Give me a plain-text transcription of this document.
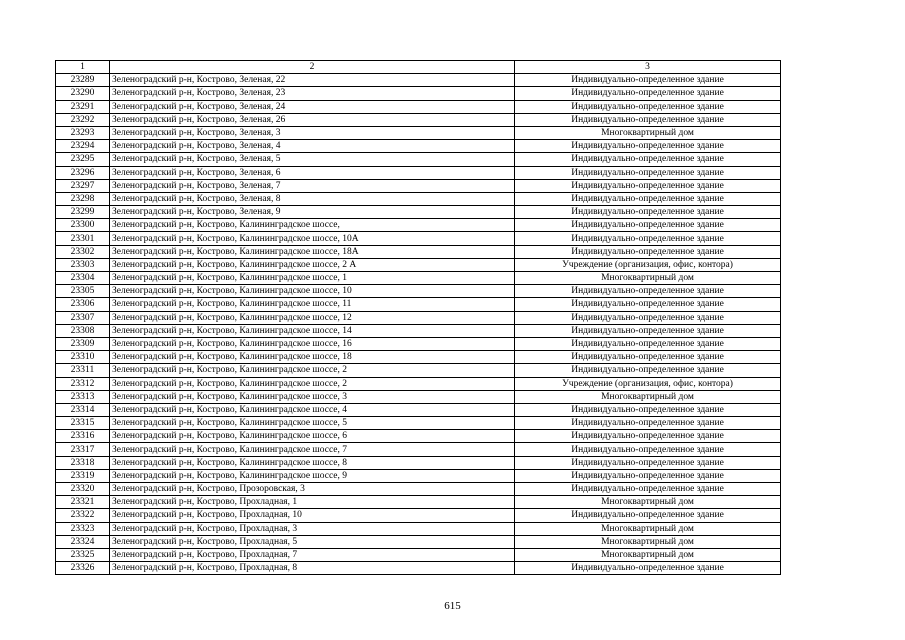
1	2	3
23289	Зеленоградский р-н, Кострово, Зеленая, 22	Индивидуально-определенное здание
23290	Зеленоградский р-н, Кострово, Зеленая, 23	Индивидуально-определенное здание
23291	Зеленоградский р-н, Кострово, Зеленая, 24	Индивидуально-определенное здание
23292	Зеленоградский р-н, Кострово, Зеленая, 26	Индивидуально-определенное здание
23293	Зеленоградский р-н, Кострово, Зеленая, 3	Многоквартирный дом
23294	Зеленоградский р-н, Кострово, Зеленая, 4	Индивидуально-определенное здание
23295	Зеленоградский р-н, Кострово, Зеленая, 5	Индивидуально-определенное здание
23296	Зеленоградский р-н, Кострово, Зеленая, 6	Индивидуально-определенное здание
23297	Зеленоградский р-н, Кострово, Зеленая, 7	Индивидуально-определенное здание
23298	Зеленоградский р-н, Кострово, Зеленая, 8	Индивидуально-определенное здание
23299	Зеленоградский р-н, Кострово, Зеленая, 9	Индивидуально-определенное здание
23300	Зеленоградский р-н, Кострово, Калининградское шоссе,	Индивидуально-определенное здание
23301	Зеленоградский р-н, Кострово, Калининградское шоссе, 10А	Индивидуально-определенное здание
23302	Зеленоградский р-н, Кострово, Калининградское шоссе, 18А	Индивидуально-определенное здание
23303	Зеленоградский р-н, Кострово, Калининградское шоссе, 2 А	Учреждение (организация, офис, контора)
23304	Зеленоградский р-н, Кострово, Калининградское шоссе, 1	Многоквартирный дом
23305	Зеленоградский р-н, Кострово, Калининградское шоссе, 10	Индивидуально-определенное здание
23306	Зеленоградский р-н, Кострово, Калининградское шоссе, 11	Индивидуально-определенное здание
23307	Зеленоградский р-н, Кострово, Калининградское шоссе, 12	Индивидуально-определенное здание
23308	Зеленоградский р-н, Кострово, Калининградское шоссе, 14	Индивидуально-определенное здание
23309	Зеленоградский р-н, Кострово, Калининградское шоссе, 16	Индивидуально-определенное здание
23310	Зеленоградский р-н, Кострово, Калининградское шоссе, 18	Индивидуально-определенное здание
23311	Зеленоградский р-н, Кострово, Калининградское шоссе, 2	Индивидуально-определенное здание
23312	Зеленоградский р-н, Кострово, Калининградское шоссе, 2	Учреждение (организация, офис, контора)
23313	Зеленоградский р-н, Кострово, Калининградское шоссе, 3	Многоквартирный дом
23314	Зеленоградский р-н, Кострово, Калининградское шоссе, 4	Индивидуально-определенное здание
23315	Зеленоградский р-н, Кострово, Калининградское шоссе, 5	Индивидуально-определенное здание
23316	Зеленоградский р-н, Кострово, Калининградское шоссе, 6	Индивидуально-определенное здание
23317	Зеленоградский р-н, Кострово, Калининградское шоссе, 7	Индивидуально-определенное здание
23318	Зеленоградский р-н, Кострово, Калининградское шоссе, 8	Индивидуально-определенное здание
23319	Зеленоградский р-н, Кострово, Калининградское шоссе, 9	Индивидуально-определенное здание
23320	Зеленоградский р-н, Кострово, Прозоровская, 3	Индивидуально-определенное здание
23321	Зеленоградский р-н, Кострово, Прохладная, 1	Многоквартирный дом
23322	Зеленоградский р-н, Кострово, Прохладная, 10	Индивидуально-определенное здание
23323	Зеленоградский р-н, Кострово, Прохладная, 3	Многоквартирный дом
23324	Зеленоградский р-н, Кострово, Прохладная, 5	Многоквартирный дом
23325	Зеленоградский р-н, Кострово, Прохладная, 7	Многоквартирный дом
23326	Зеленоградский р-н, Кострово, Прохладная, 8	Индивидуально-определенное здание
615
